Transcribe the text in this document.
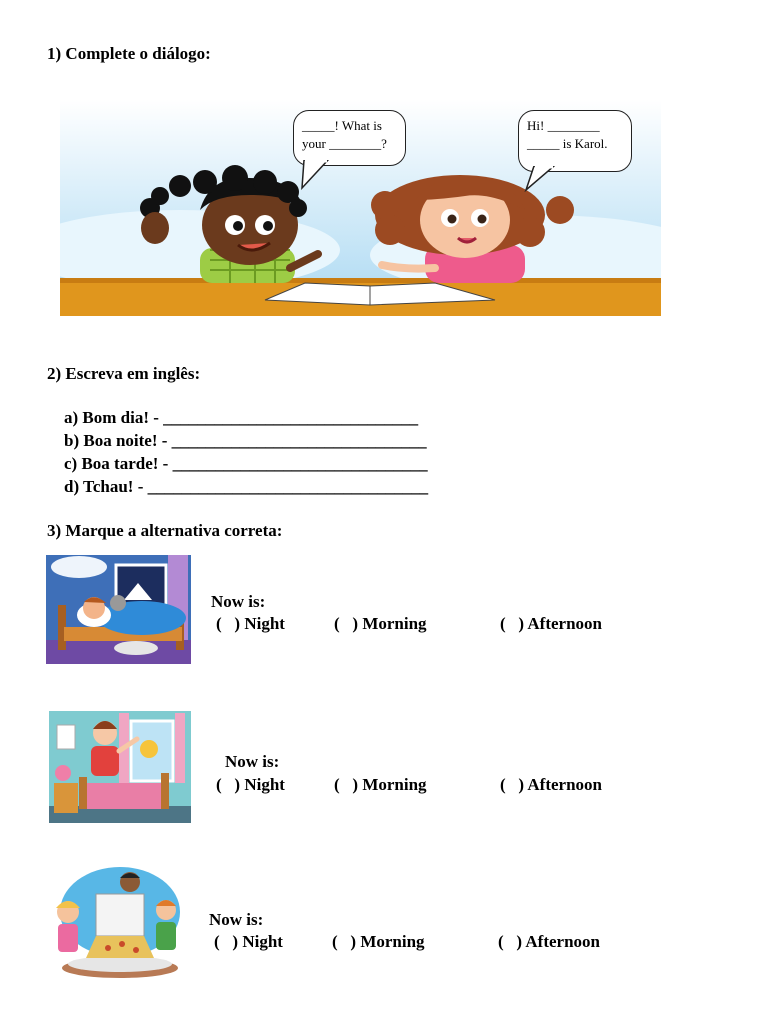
1) Complete o diálogo:
_____! What is
your ________?
Hi! ________
_____ is Karol.
2) Escreva em inglês:
a) Bom dia! - ______________________________
b) Boa noite! - ______________________________
c) Boa tarde! - ______________________________
d) Tchau! - _________________________________
3) Marque a alternativa correta:
Now is:
(   ) Night	(   ) Morning	(   ) Afternoon
Now is:
(   ) Night	(   ) Morning	(   ) Afternoon
Now is:
(   ) Night	(   ) Morning	(   ) Afternoon
